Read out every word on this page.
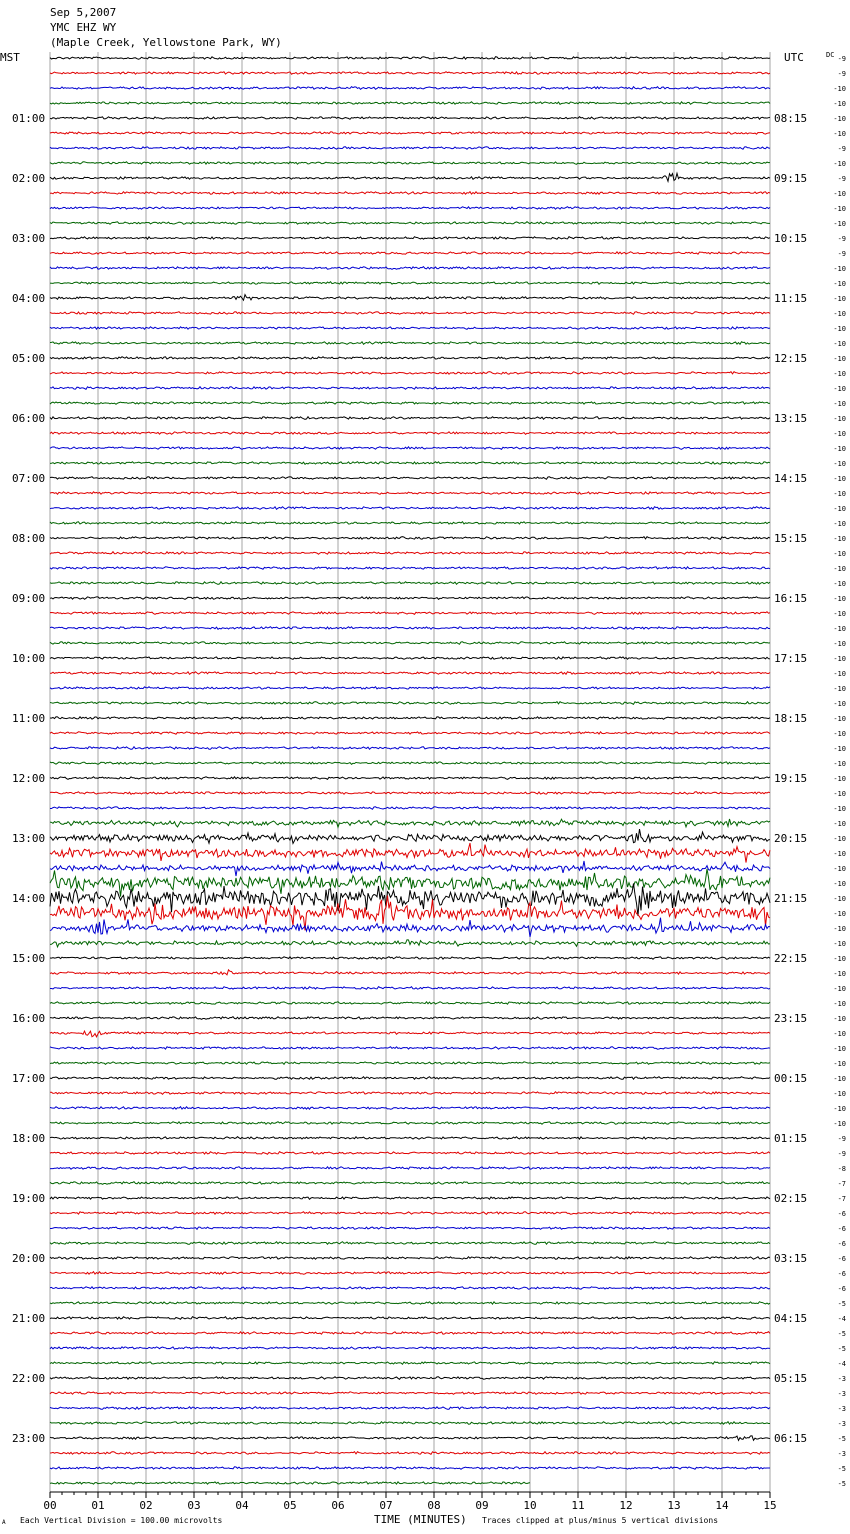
Sep 5,2007
YMC EHZ WY
(Maple Creek, Yellowstone Park, WY)
MST	UTC	DC
01:00
02:00
03:00
04:00
05:00
06:00
07:00
08:00
09:00
10:00
11:00
12:00
13:00
14:00
15:00
16:00
17:00
18:00
19:00
20:00
21:00
22:00
23:00
08:15
09:15
10:15
11:15
12:15
13:15
14:15
15:15
16:15
17:15
18:15
19:15
20:15
21:15
22:15
23:15
00:15
01:15
02:15
03:15
04:15
05:15
06:15
-9
-9
-10
-10
-10
-10
-9
-10
-9
-10
-10
-10
-9
-9
-10
-10
-10
-10
-10
-10
-10
-10
-10
-10
-10
-10
-10
-10
-10
-10
-10
-10
-10
-10
-10
-10
-10
-10
-10
-10
-10
-10
-10
-10
-10
-10
-10
-10
-10
-10
-10
-10
-10
-10
-10
-10
-10
-10
-10
-10
-10
-10
-10
-10
-10
-10
-10
-10
-10
-10
-10
-10
-9
-9
-8
-7
-7
-6
-6
-6
-6
-6
-6
-5
-4
-5
-5
-4
-3
-3
-3
-3
-5
-3
-5
-5
00	01	02	03	04	05	06	07	08	09	10	11	12	13	14	15
A Each Vertical Division = 100.00 microvolts	TIME (MINUTES) Traces clipped at plus/minus 5 vertical divisions
